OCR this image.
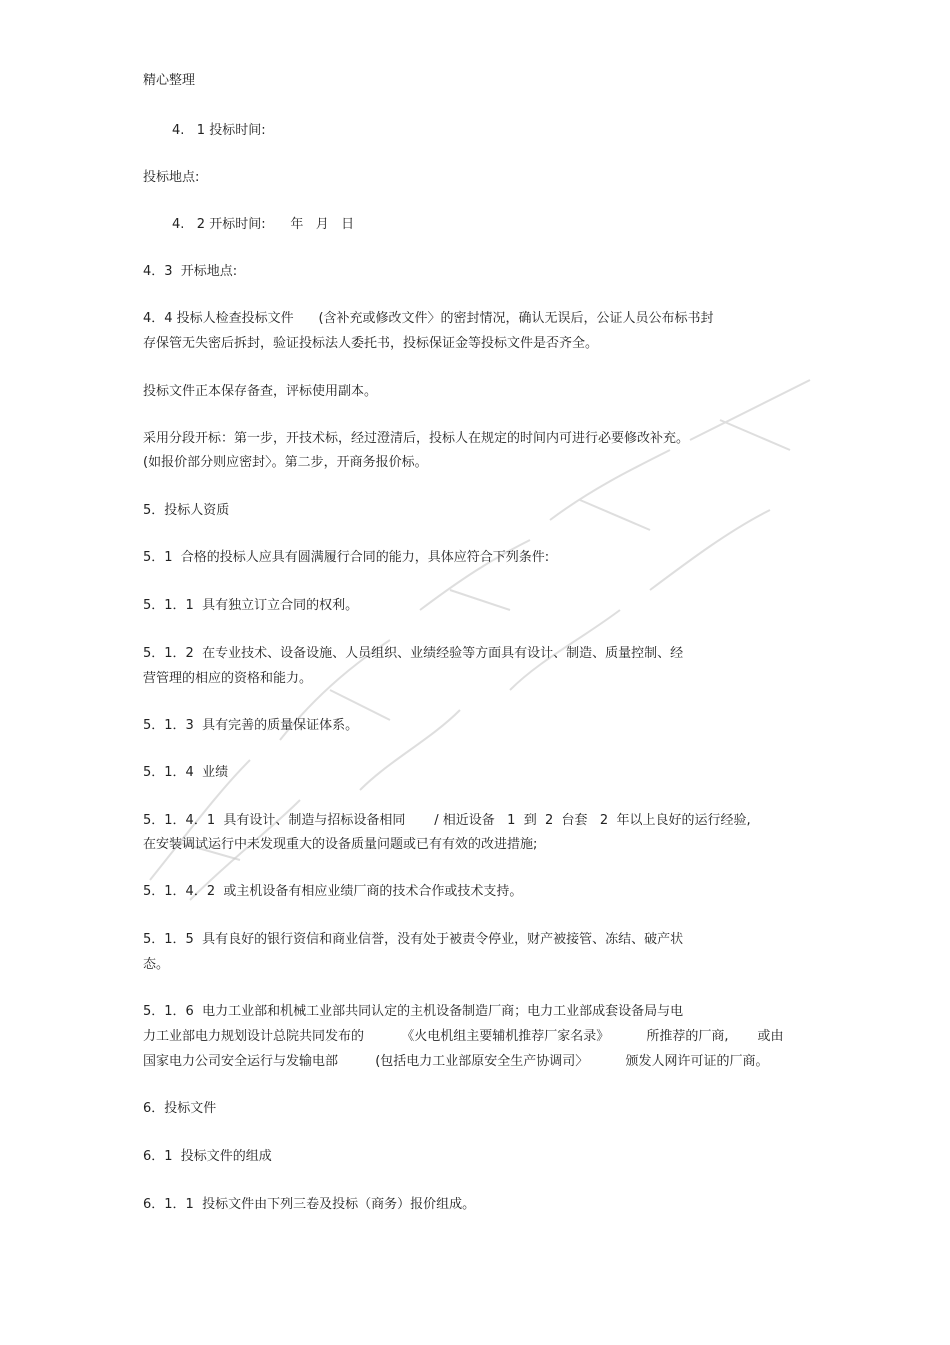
精心整理
4.   1 投标时间:
投标地点:
4.   2 开标时间:      年   月   日
4．3  开标地点:
4．4 投标人检查投标文件      (含补充或修改文件〉的密封情况，确认无误后，公证人员公布标书封
存保管无失密后拆封，验证投标法人委托书，投标保证金等投标文件是否齐全。
投标文件正本保存备查，评标使用副本。
采用分段开标：第一步，开技术标，经过澄清后，投标人在规定的时间内可进行必要修改补充。
(如报价部分则应密封〉。第二步，开商务报价标。
5．投标人资质
5．1  合格的投标人应具有圆满履行合同的能力，具体应符合下列条件:
5．1．1  具有独立订立合同的权利。
5．1．2  在专业技术、设备设施、人员组织、业绩经验等方面具有设计、制造、质量控制、经
营管理的相应的资格和能力。
5．1．3  具有完善的质量保证体系。
5．1．4  业绩
5．1．4．1  具有设计、制造与招标设备相同       / 相近设备   1  到  2  台套   2  年以上良好的运行经验,
在安装调试运行中未发现重大的设备质量问题或已有有效的改进措施;
5．1．4．2  或主机设备有相应业绩厂商的技术合作或技术支持。
5．1．5  具有良好的银行资信和商业信誉，没有处于被责令停业，财产被接管、冻结、破产状
态。
5．1．6  电力工业部和机械工业部共同认定的主机设备制造厂商；电力工业部成套设备局与电
力工业部电力规划设计总院共同发布的         《火电机组主要辅机推荐厂家名录》         所推荐的厂商,       或由
国家电力公司安全运行与发输电部         (包括电力工业部原安全生产协调司〉         颁发人网许可证的厂商。
6．投标文件
6．1  投标文件的组成
6．1．1  投标文件由下列三卷及投标（商务）报价组成。
